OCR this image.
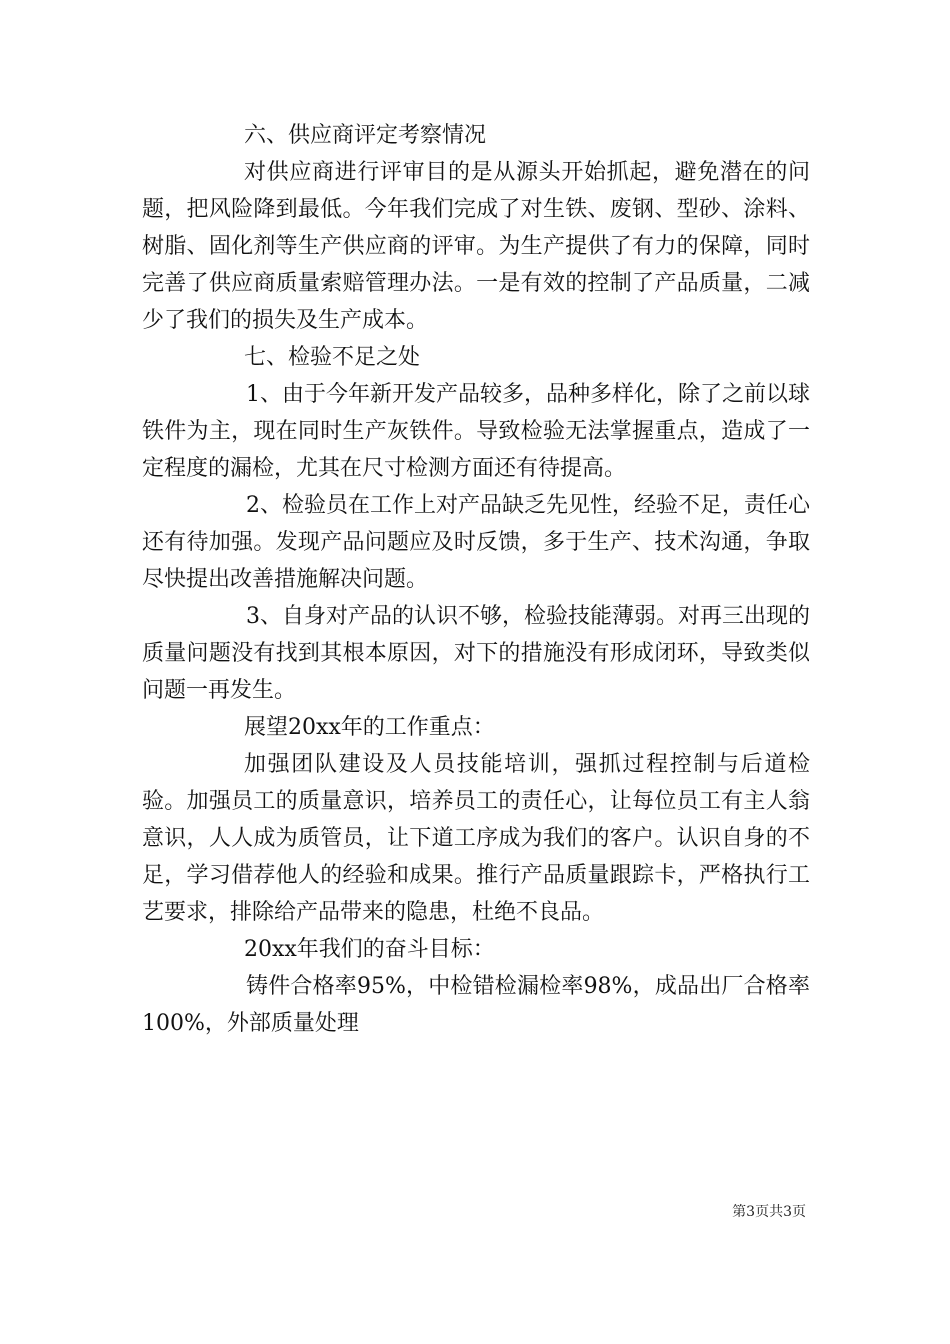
六、供应商评定考察情况

对供应商进行评审目的是从源头开始抓起，避免潜在的问题，把风险降到最低。今年我们完成了对生铁、废钢、型砂、涂料、树脂、固化剂等生产供应商的评审。为生产提供了有力的保障，同时完善了供应商质量索赔管理办法。一是有效的控制了产品质量，二减少了我们的损失及生产成本。

七、检验不足之处

1、由于今年新开发产品较多，品种多样化，除了之前以球铁件为主，现在同时生产灰铁件。导致检验无法掌握重点，造成了一定程度的漏检，尤其在尺寸检测方面还有待提高。

2、检验员在工作上对产品缺乏先见性，经验不足，责任心还有待加强。发现产品问题应及时反馈，多于生产、技术沟通，争取尽快提出改善措施解决问题。

3、自身对产品的认识不够，检验技能薄弱。对再三出现的质量问题没有找到其根本原因，对下的措施没有形成闭环，导致类似问题一再发生。

展望20xx年的工作重点：

加强团队建设及人员技能培训，强抓过程控制与后道检验。加强员工的质量意识，培养员工的责任心，让每位员工有主人翁意识，人人成为质管员，让下道工序成为我们的客户。认识自身的不足，学习借荐他人的经验和成果。推行产品质量跟踪卡，严格执行工艺要求，排除给产品带来的隐患，杜绝不良品。

20xx年我们的奋斗目标：

铸件合格率95%，中检错检漏检率98%，成品出厂合格率100%，外部质量处理

第3页共3页
